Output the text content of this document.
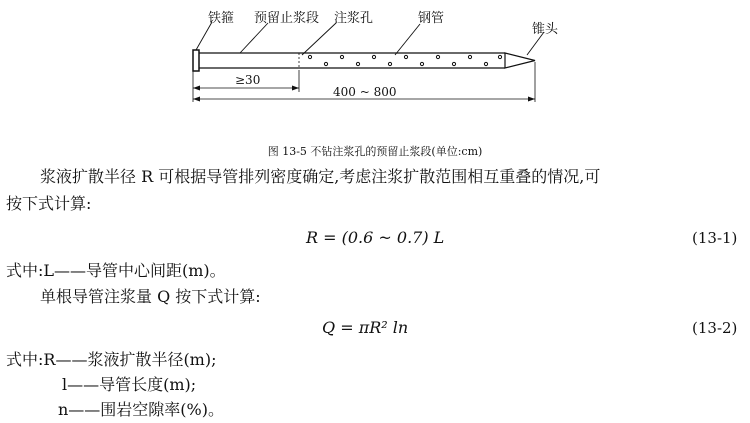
铁箍 预留止浆段 注浆孔	钢管
锥头
≥30
400 ~ 800
图 13-5 不钻注浆孔的预留止浆段(单位:cm)
浆液扩散半径 R 可根据导管排列密度确定,考虑注浆扩散范围相互重叠的情况,可
按下式计算:
R = (0.6 ~ 0.7) L	(13-1)
式中:L——导管中心间距(m)。
单根导管注浆量 Q 按下式计算:
Q = πR² ln	(13-2)
式中:R——浆液扩散半径(m);
l——导管长度(m);
n——围岩空隙率(%)。
